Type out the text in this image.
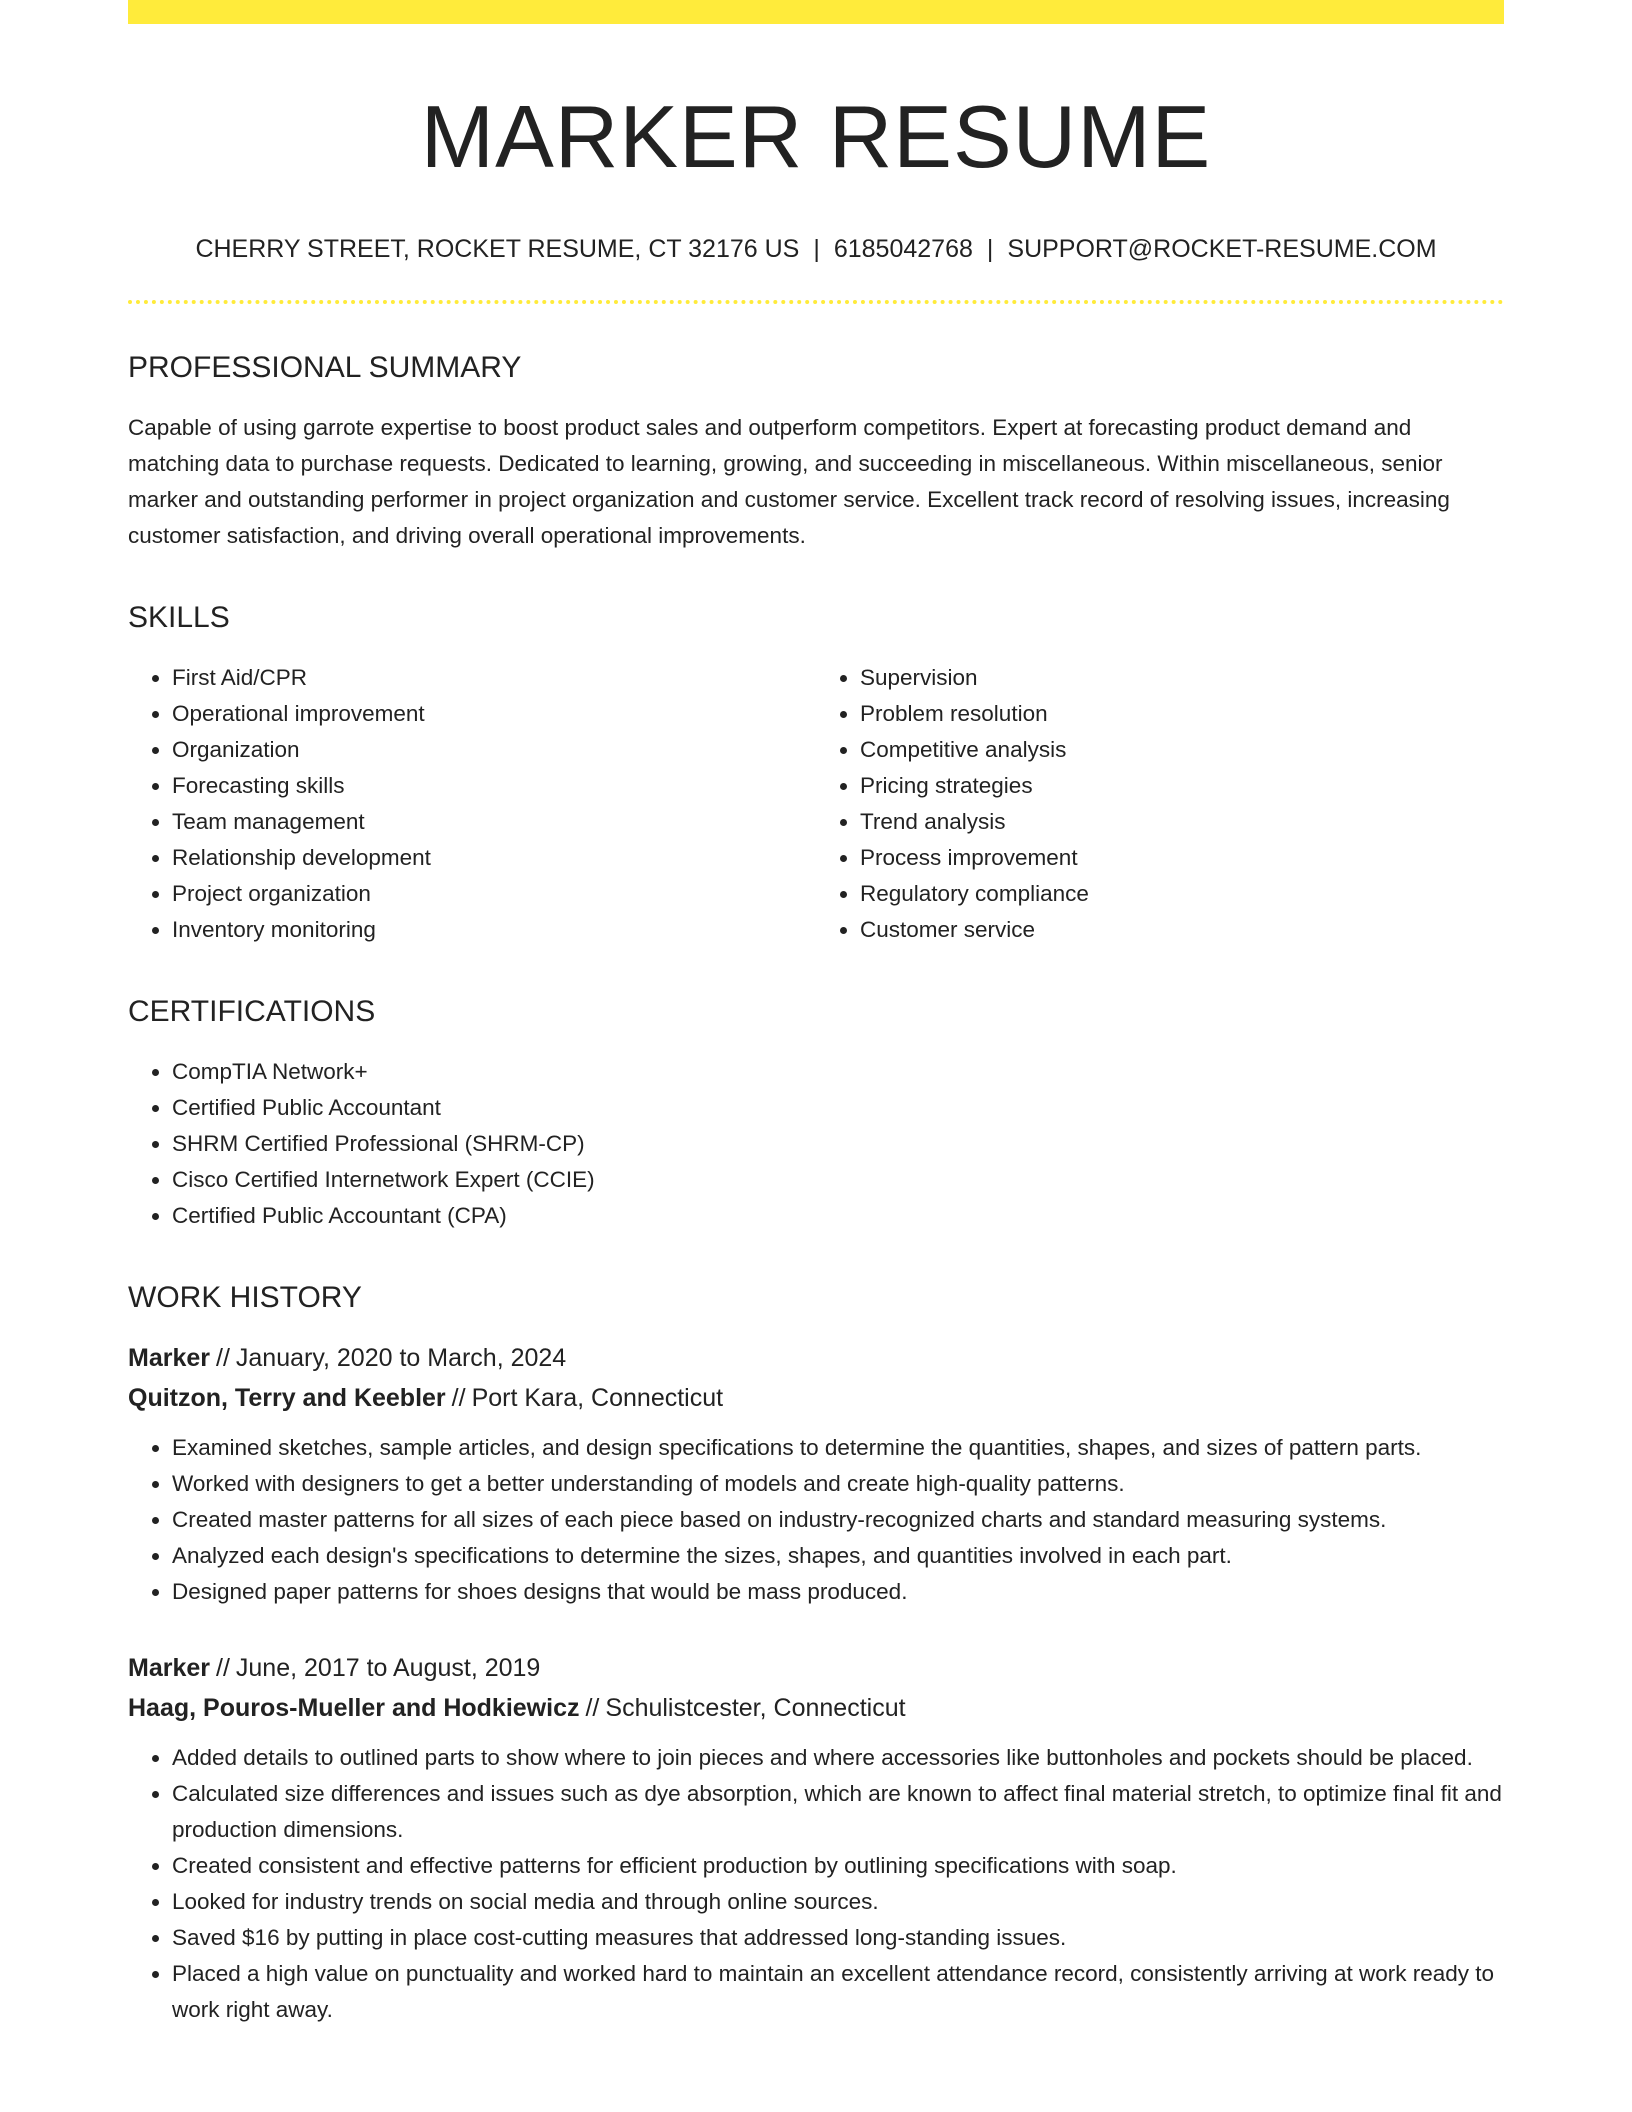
MARKER RESUME
CHERRY STREET, ROCKET RESUME, CT 32176 US | 6185042768 | SUPPORT@ROCKET-RESUME.COM
PROFESSIONAL SUMMARY

Capable of using garrote expertise to boost product sales and outperform competitors. Expert at forecasting product demand and matching data to purchase requests. Dedicated to learning, growing, and succeeding in miscellaneous. Within miscellaneous, senior marker and outstanding performer in project organization and customer service. Excellent track record of resolving issues, increasing customer satisfaction, and driving overall operational improvements.

SKILLS
• First Aid/CPR
• Operational improvement
• Organization
• Forecasting skills
• Team management
• Relationship development
• Project organization
• Inventory monitoring
• Supervision
• Problem resolution
• Competitive analysis
• Pricing strategies
• Trend analysis
• Process improvement
• Regulatory compliance
• Customer service
CERTIFICATIONS
• CompTIA Network+
• Certified Public Accountant
• SHRM Certified Professional (SHRM-CP)
• Cisco Certified Internetwork Expert (CCIE)
• Certified Public Accountant (CPA)
WORK HISTORY
Marker // January, 2020 to March, 2024
Quitzon, Terry and Keebler // Port Kara, Connecticut
• Examined sketches, sample articles, and design specifications to determine the quantities, shapes, and sizes of pattern parts.
• Worked with designers to get a better understanding of models and create high-quality patterns.
• Created master patterns for all sizes of each piece based on industry-recognized charts and standard measuring systems.
• Analyzed each design's specifications to determine the sizes, shapes, and quantities involved in each part.
• Designed paper patterns for shoes designs that would be mass produced.
Marker // June, 2017 to August, 2019
Haag, Pouros-Mueller and Hodkiewicz // Schulistcester, Connecticut
• Added details to outlined parts to show where to join pieces and where accessories like buttonholes and pockets should be placed.
• Calculated size differences and issues such as dye absorption, which are known to affect final material stretch, to optimize final fit and production dimensions.
• Created consistent and effective patterns for efficient production by outlining specifications with soap.
• Looked for industry trends on social media and through online sources.
• Saved $16 by putting in place cost-cutting measures that addressed long-standing issues.
• Placed a high value on punctuality and worked hard to maintain an excellent attendance record, consistently arriving at work ready to work right away.
